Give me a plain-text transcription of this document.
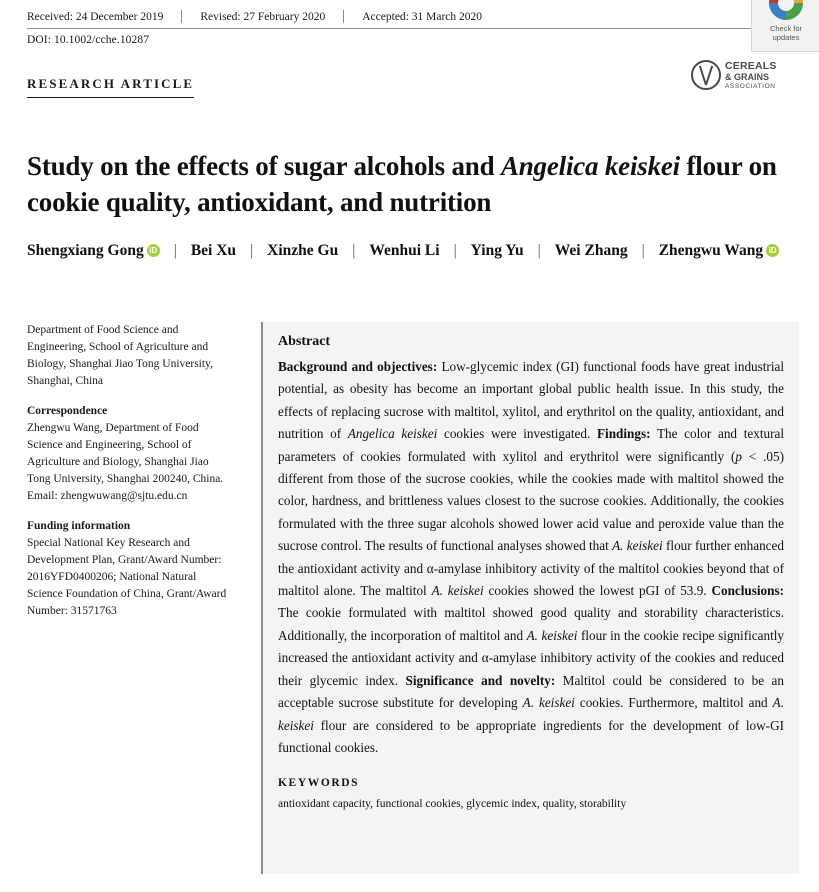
Received: 24 December 2019	Revised: 27 February 2020	Accepted: 31 March 2020
DOI: 10.1002/cche.10287
Check for
updates
RESEARCH ARTICLE
CEREALS
& GRAINS
ASSOCIATION
Study on the effects of sugar alcohols and Angelica keiskei flour on cookie quality, antioxidant, and nutrition
Shengxiang Gong iD | Bei Xu | Xinzhe Gu | Wenhui Li | Ying Yu | Wei Zhang | Zhengwu WangiD
Department of Food Science and Engineering, School of Agriculture and Biology, Shanghai Jiao Tong University, Shanghai, China
Correspondence
Zhengwu Wang, Department of Food Science and Engineering, School of Agriculture and Biology, Shanghai Jiao Tong University, Shanghai 200240, China. Email: zhengwuwang@sjtu.edu.cn
Funding information
Special National Key Research and Development Plan, Grant/Award Number: 2016YFD0400206; National Natural Science Foundation of China, Grant/Award Number: 31571763
Abstract
Background and objectives: Low-glycemic index (GI) functional foods have great industrial potential, as obesity has become an important global public health issue. In this study, the effects of replacing sucrose with maltitol, xylitol, and erythritol on the quality, antioxidant, and nutrition of Angelica keiskei cookies were investigated. Findings: The color and textural parameters of cookies formulated with xylitol and erythritol were significantly (p < .05) different from those of the sucrose cookies, while the cookies made with maltitol showed the color, hardness, and brittleness values closest to the sucrose cookies. Additionally, the cookies formulated with the three sugar alcohols showed lower acid value and peroxide value than the sucrose control. The results of functional analyses showed that A. keiskei flour further enhanced the antioxidant activity and α-amylase inhibitory activity of the maltitol cookies beyond that of maltitol alone. The maltitol A. keiskei cookies showed the lowest pGI of 53.9. Conclusions: The cookie formulated with maltitol showed good quality and storability characteristics. Additionally, the incorporation of maltitol and A. keiskei flour in the cookie recipe significantly increased the antioxidant activity and α-amylase inhibitory activity of the cookies and reduced their glycemic index. Significance and novelty: Maltitol could be considered to be an acceptable sucrose substitute for developing A. keiskei cookies. Furthermore, maltitol and A. keiskei flour are considered to be appropriate ingredients for the development of low-GI functional cookies.
KEYWORDS
antioxidant capacity, functional cookies, glycemic index, quality, storability
